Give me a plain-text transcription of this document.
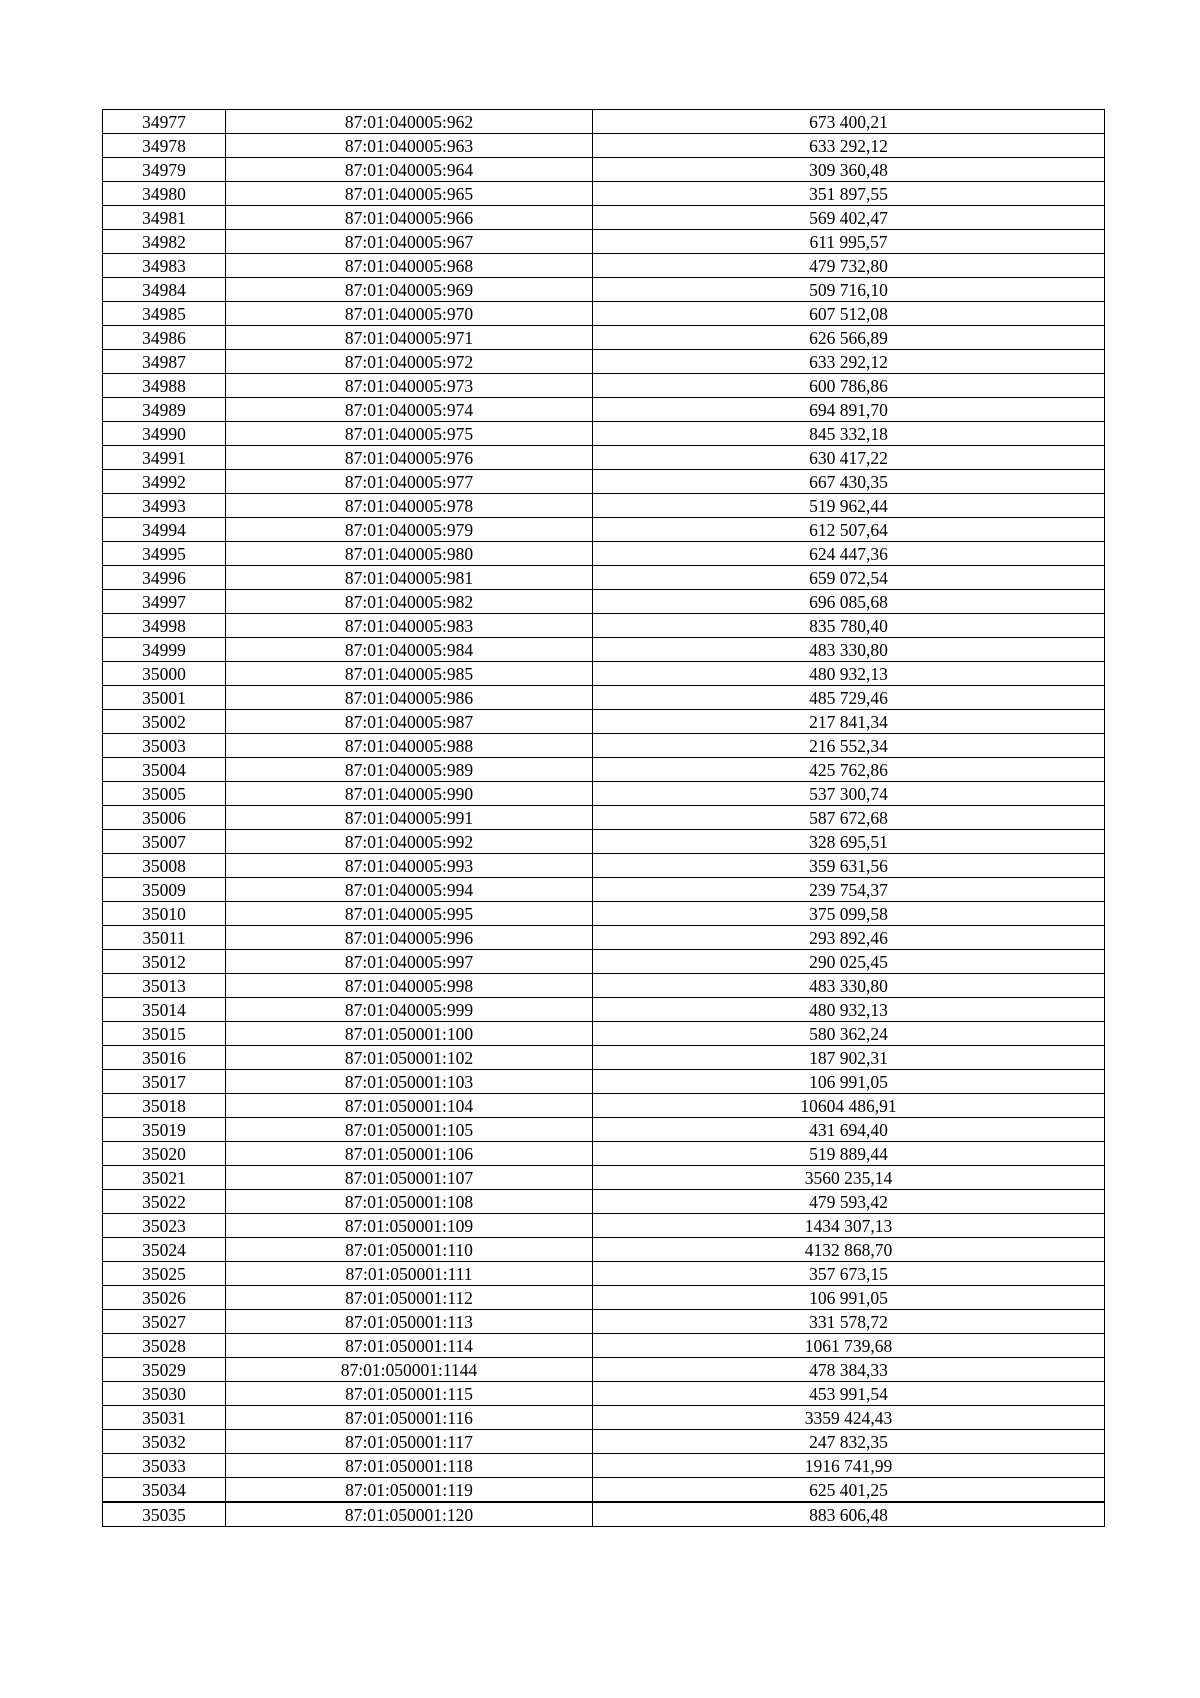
34977	87:01:040005:962	673 400,21
34978	87:01:040005:963	633 292,12
34979	87:01:040005:964	309 360,48
34980	87:01:040005:965	351 897,55
34981	87:01:040005:966	569 402,47
34982	87:01:040005:967	611 995,57
34983	87:01:040005:968	479 732,80
34984	87:01:040005:969	509 716,10
34985	87:01:040005:970	607 512,08
34986	87:01:040005:971	626 566,89
34987	87:01:040005:972	633 292,12
34988	87:01:040005:973	600 786,86
34989	87:01:040005:974	694 891,70
34990	87:01:040005:975	845 332,18
34991	87:01:040005:976	630 417,22
34992	87:01:040005:977	667 430,35
34993	87:01:040005:978	519 962,44
34994	87:01:040005:979	612 507,64
34995	87:01:040005:980	624 447,36
34996	87:01:040005:981	659 072,54
34997	87:01:040005:982	696 085,68
34998	87:01:040005:983	835 780,40
34999	87:01:040005:984	483 330,80
35000	87:01:040005:985	480 932,13
35001	87:01:040005:986	485 729,46
35002	87:01:040005:987	217 841,34
35003	87:01:040005:988	216 552,34
35004	87:01:040005:989	425 762,86
35005	87:01:040005:990	537 300,74
35006	87:01:040005:991	587 672,68
35007	87:01:040005:992	328 695,51
35008	87:01:040005:993	359 631,56
35009	87:01:040005:994	239 754,37
35010	87:01:040005:995	375 099,58
35011	87:01:040005:996	293 892,46
35012	87:01:040005:997	290 025,45
35013	87:01:040005:998	483 330,80
35014	87:01:040005:999	480 932,13
35015	87:01:050001:100	580 362,24
35016	87:01:050001:102	187 902,31
35017	87:01:050001:103	106 991,05
35018	87:01:050001:104	10604 486,91
35019	87:01:050001:105	431 694,40
35020	87:01:050001:106	519 889,44
35021	87:01:050001:107	3560 235,14
35022	87:01:050001:108	479 593,42
35023	87:01:050001:109	1434 307,13
35024	87:01:050001:110	4132 868,70
35025	87:01:050001:111	357 673,15
35026	87:01:050001:112	106 991,05
35027	87:01:050001:113	331 578,72
35028	87:01:050001:114	1061 739,68
35029	87:01:050001:1144	478 384,33
35030	87:01:050001:115	453 991,54
35031	87:01:050001:116	3359 424,43
35032	87:01:050001:117	247 832,35
35033	87:01:050001:118	1916 741,99
35034	87:01:050001:119	625 401,25
35035	87:01:050001:120	883 606,48
